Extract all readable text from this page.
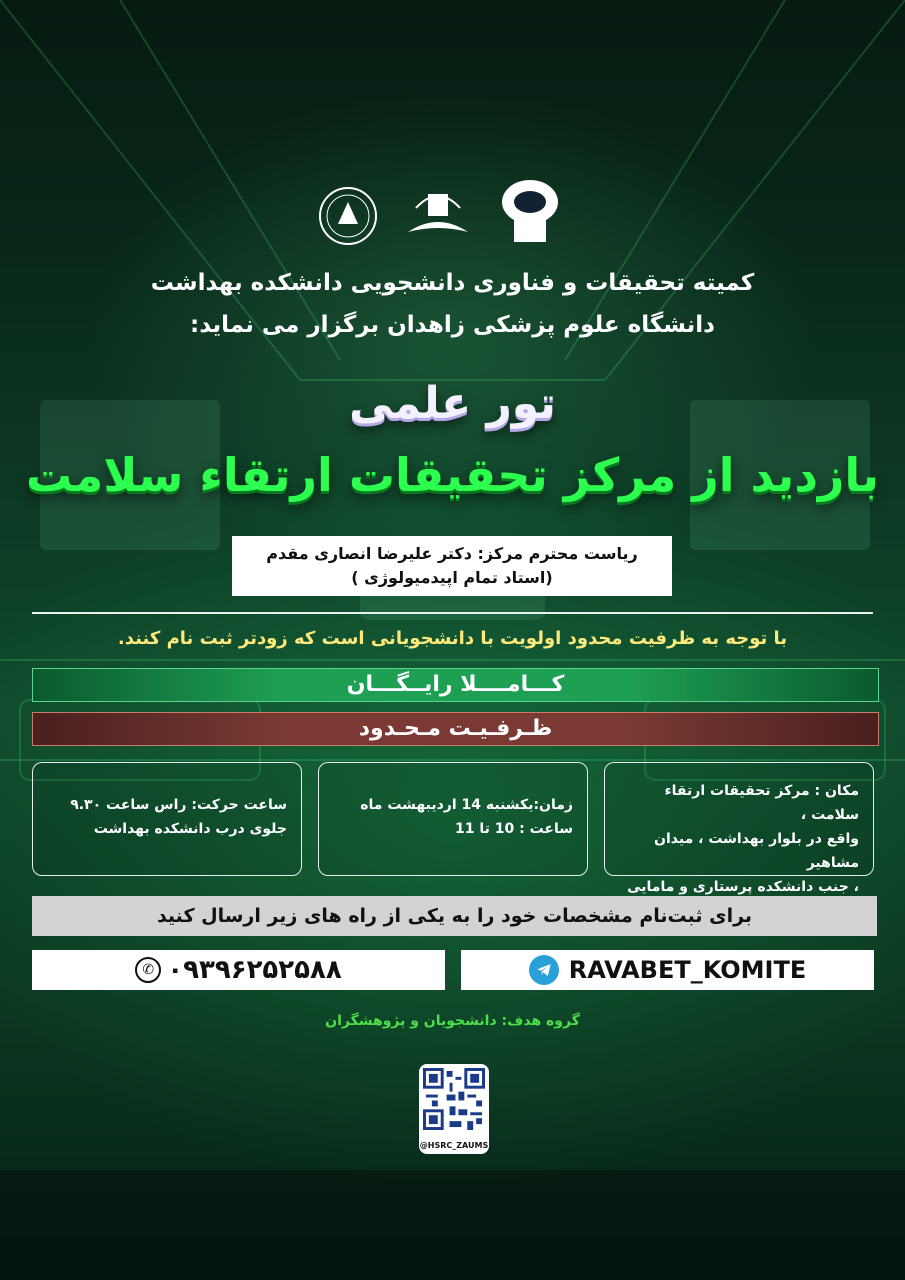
کمیته تحقیقات و فناوری دانشجویی دانشکده بهداشت
دانشگاه علوم پزشکی زاهدان برگزار می نماید:
تور علمی
بازدید از مرکز تحقیقات ارتقاء سلامت
ریاست محترم مرکز: دکتر علیرضا انصاری مقدم
(استاد تمام اپیدمیولوژی )
با توجه به ظرفیت محدود اولویت با دانشجویانی است که زودتر ثبت نام کنند.
کـــامــــلا رایــگـــان
ظـرفـیـت مـحـدود
مکان : مرکز تحقیقات ارتقاء سلامت ،
واقع در بلوار بهداشت ، میدان مشاهیر
، جنب دانشکده پرستاری و مامایی
زمان:یکشنبه 14 اردیبهشت ماه
ساعت : 10 تا 11
ساعت حرکت: راس ساعت ۹.۳۰
جلوی درب دانشکده بهداشت
برای ثبت‌نام مشخصات خود را به یکی از راه های زیر ارسال کنید
✆ ۰۹۳۹۶۲۵۲۵۸۸	RAVABET_KOMITE
گروه هدف: دانشجویان و پژوهشگران
@HSRC_ZAUMS
